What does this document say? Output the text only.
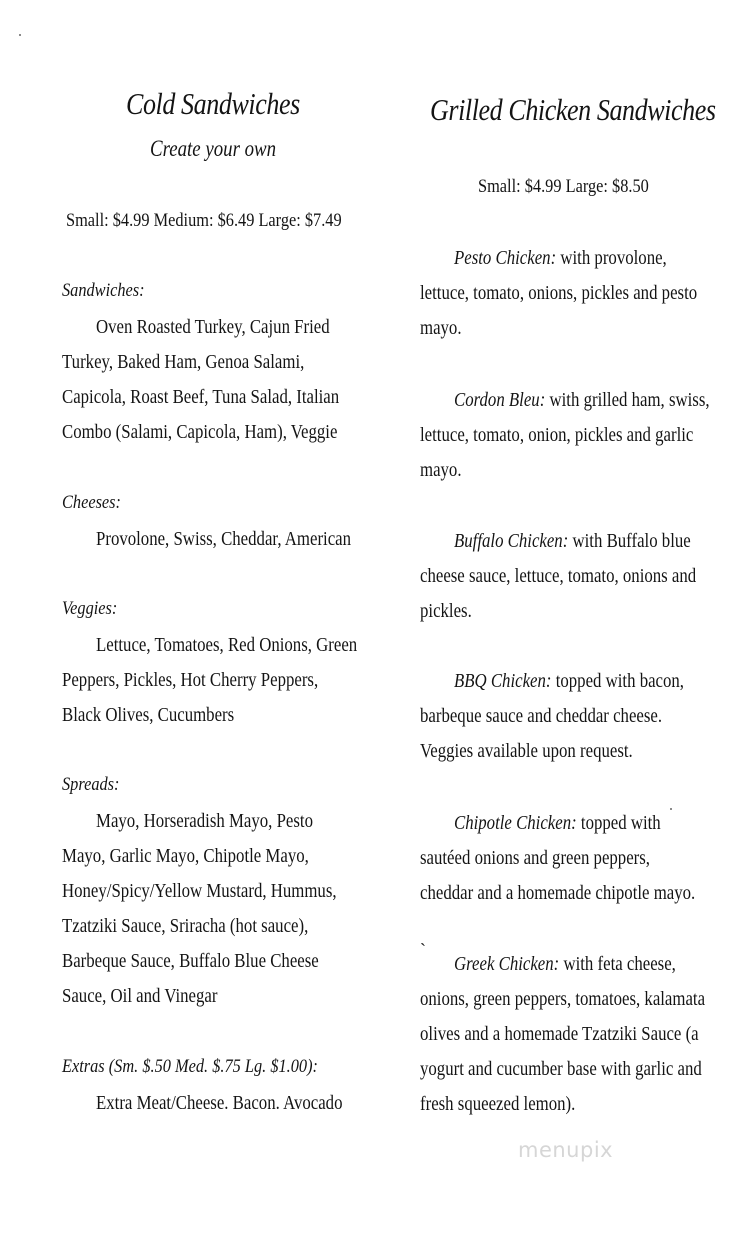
Cold Sandwiches
Create your own
Small: $4.99 Medium: $6.49 Large: $7.49
Sandwiches:
Oven Roasted Turkey, Cajun Fried
Turkey, Baked Ham, Genoa Salami,
Capicola, Roast Beef, Tuna Salad, Italian
Combo (Salami, Capicola, Ham), Veggie
Cheeses:
Provolone, Swiss, Cheddar, American
Veggies:
Lettuce, Tomatoes, Red Onions, Green
Peppers, Pickles, Hot Cherry Peppers,
Black Olives, Cucumbers
Spreads:
Mayo, Horseradish Mayo, Pesto
Mayo, Garlic Mayo, Chipotle Mayo,
Honey/Spicy/Yellow Mustard, Hummus,
Tzatziki Sauce, Sriracha (hot sauce),
Barbeque Sauce, Buffalo Blue Cheese
Sauce, Oil and Vinegar
Extras (Sm. $.50 Med. $.75 Lg. $1.00):
Extra Meat/Cheese. Bacon. Avocado
Grilled Chicken Sandwiches
Small: $4.99 Large: $8.50
Pesto Chicken: with provolone,
lettuce, tomato, onions, pickles and pesto
mayo.
Cordon Bleu: with grilled ham, swiss,
lettuce, tomato, onion, pickles and garlic
mayo.
Buffalo Chicken: with Buffalo blue
cheese sauce, lettuce, tomato, onions and
pickles.
BBQ Chicken: topped with bacon,
barbeque sauce and cheddar cheese.
Veggies available upon request.
Chipotle Chicken: topped with
sautéed onions and green peppers,
cheddar and a homemade chipotle mayo.
`
Greek Chicken: with feta cheese,
onions, green peppers, tomatoes, kalamata
olives and a homemade Tzatziki Sauce (a
yogurt and cucumber base with garlic and
fresh squeezed lemon).
menupix
